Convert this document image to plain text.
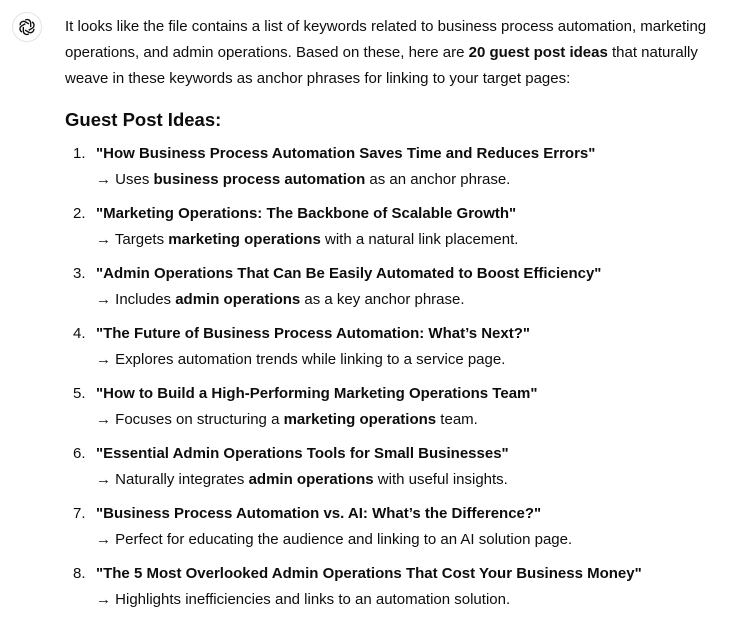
It looks like the file contains a list of keywords related to business process automation, marketing operations, and admin operations. Based on these, here are 20 guest post ideas that naturally weave in these keywords as anchor phrases for linking to your target pages:

Guest Post Ideas:
1. "How Business Process Automation Saves Time and Reduces Errors"
→ Uses business process automation as an anchor phrase.
2. "Marketing Operations: The Backbone of Scalable Growth"
→ Targets marketing operations with a natural link placement.
3. "Admin Operations That Can Be Easily Automated to Boost Efficiency"
→ Includes admin operations as a key anchor phrase.
4. "The Future of Business Process Automation: What’s Next?"
→ Explores automation trends while linking to a service page.
5. "How to Build a High-Performing Marketing Operations Team"
→ Focuses on structuring a marketing operations team.
6. "Essential Admin Operations Tools for Small Businesses"
→ Naturally integrates admin operations with useful insights.
7. "Business Process Automation vs. AI: What’s the Difference?"
→ Perfect for educating the audience and linking to an AI solution page.
8. "The 5 Most Overlooked Admin Operations That Cost Your Business Money"
→ Highlights inefficiencies and links to an automation solution.
